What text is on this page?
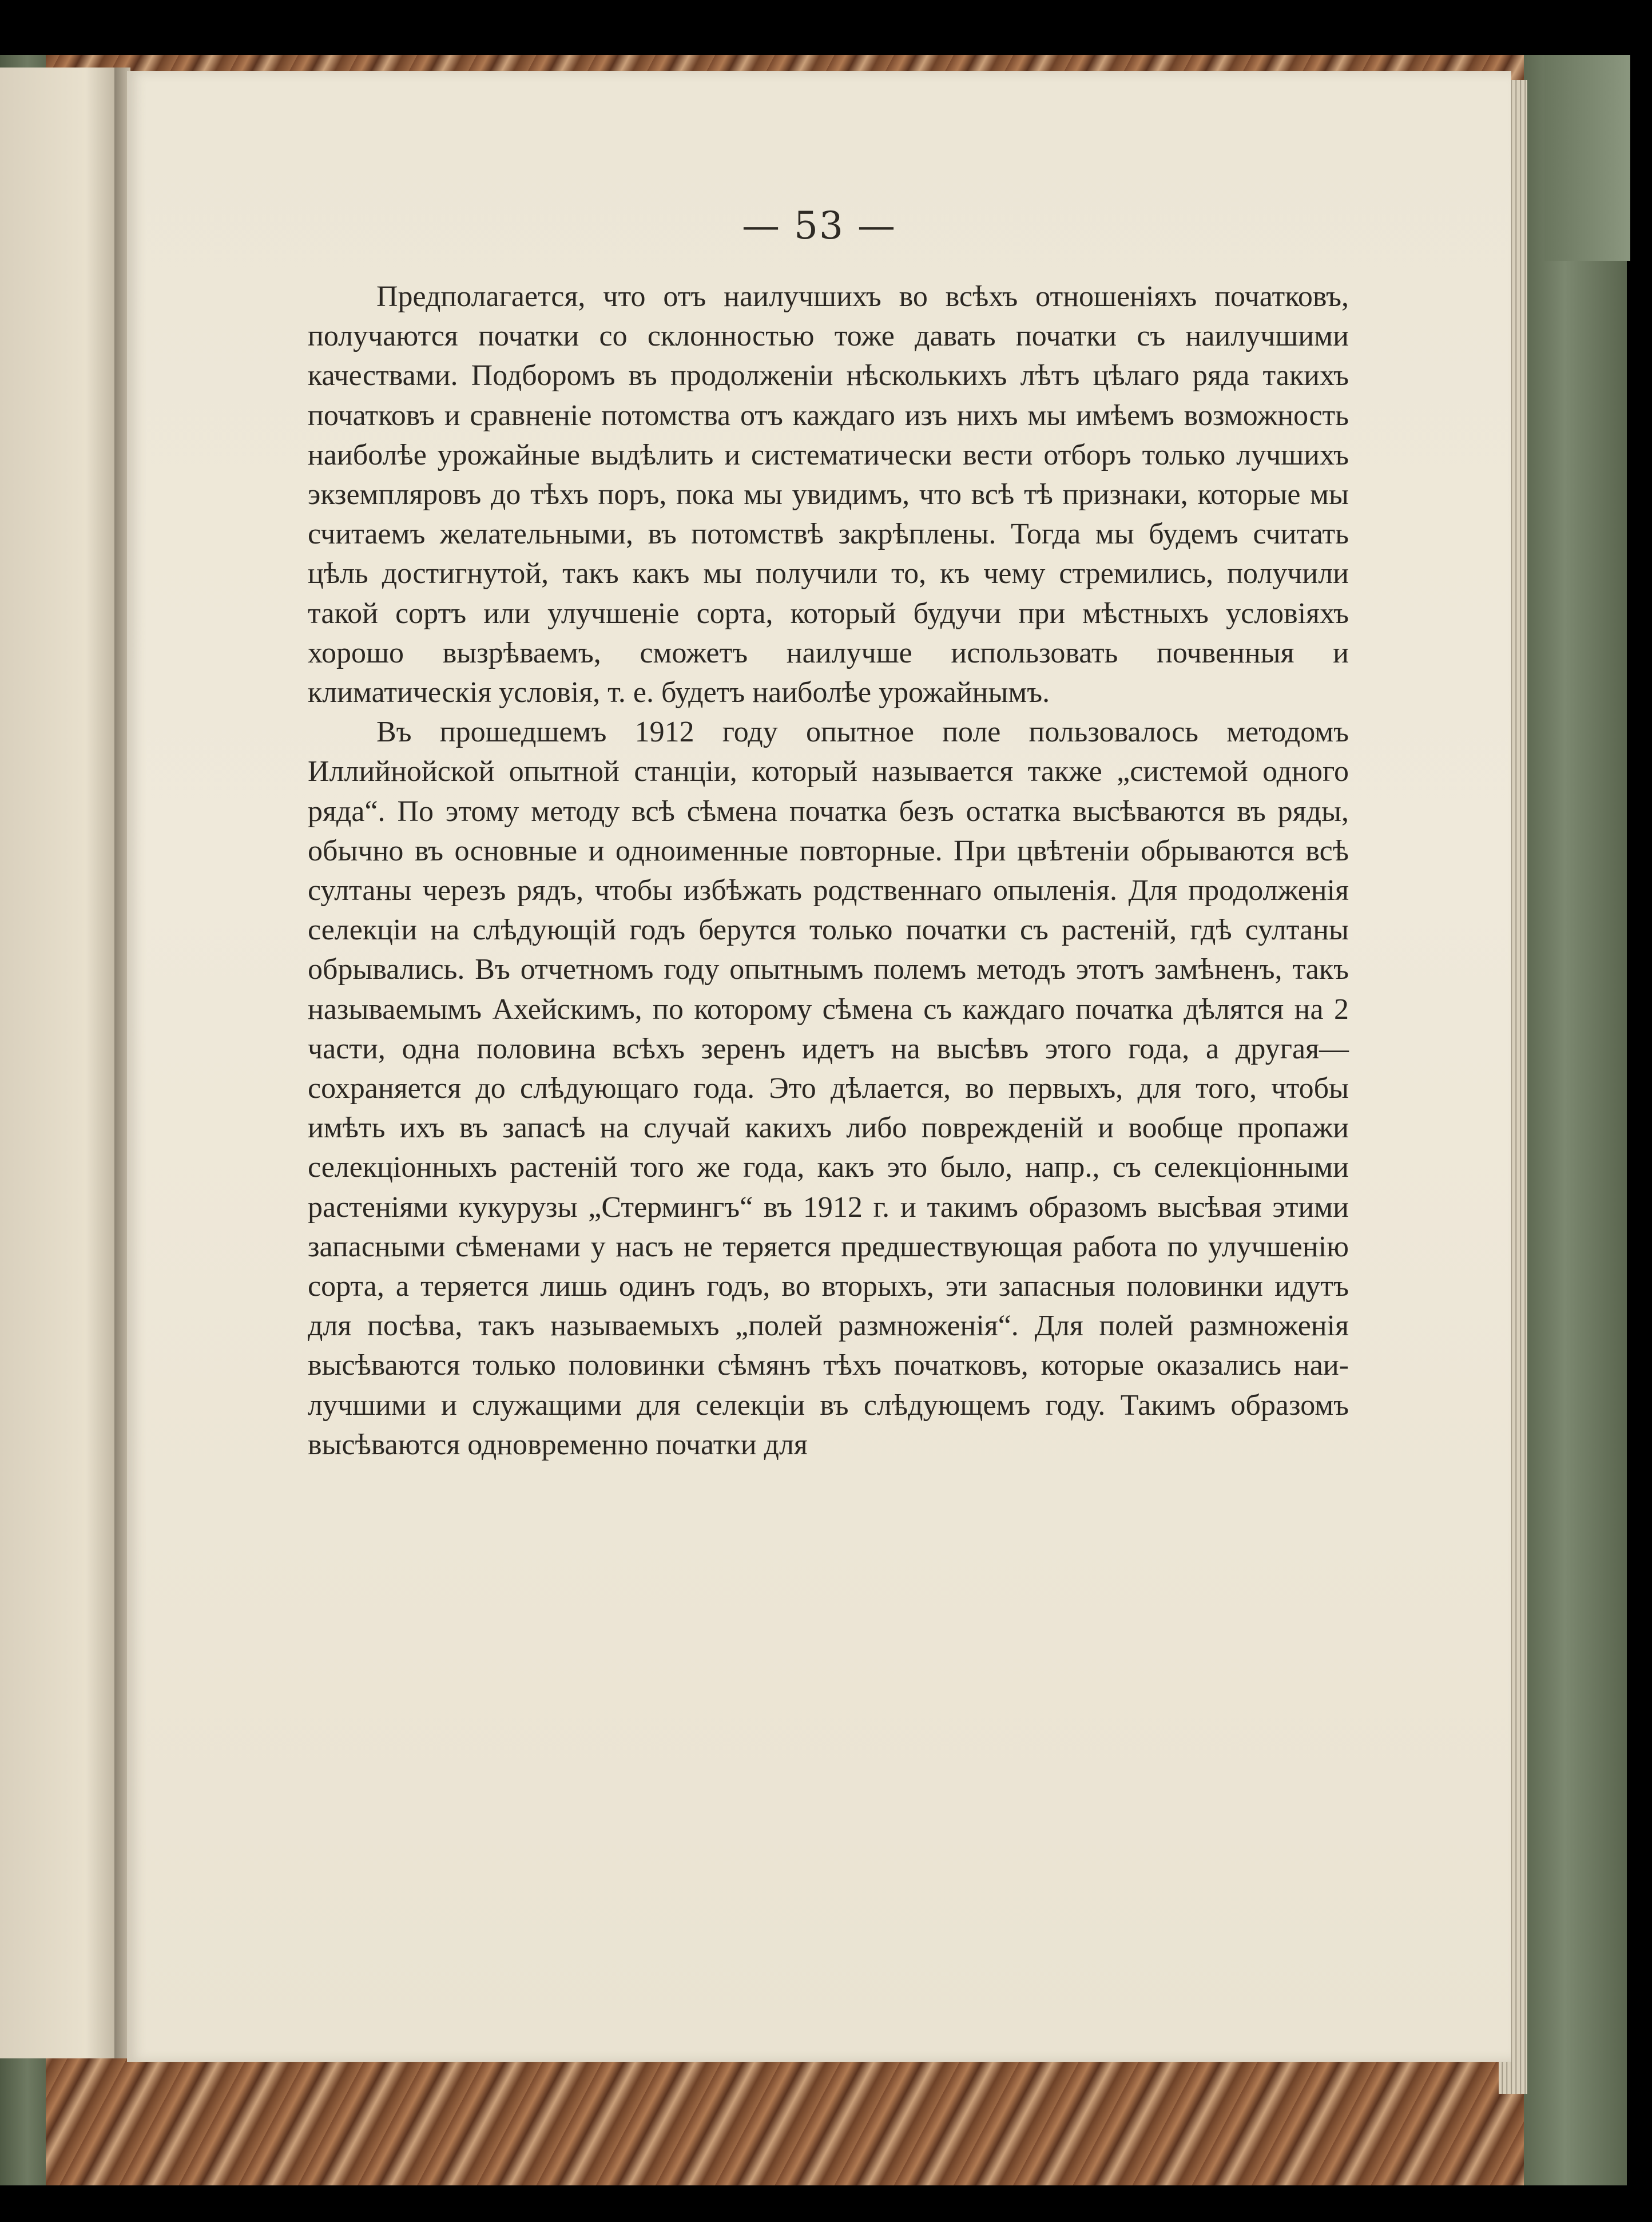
— 53 —

Предполагается, что отъ наилучшихъ во всѣхъ отношеніяхъ початковъ, получаются початки со склонностью тоже давать початки съ наилучшими качествами. Подборомъ въ продолженіи нѣсколькихъ лѣтъ цѣлаго ряда такихъ початковъ и сравненіе потомства отъ каждаго изъ нихъ мы имѣемъ возможность наиболѣе урожайные выдѣлить и систематически вести отборъ только лучшихъ экземпляровъ до тѣхъ поръ, пока мы увидимъ, что всѣ тѣ признаки, которые мы считаемъ желательными, въ потомствѣ закрѣплены. Тогда мы будемъ считать цѣль достигнутой, такъ какъ мы получили то, къ чему стремились, получили такой сортъ или улучшеніе сорта, который будучи при мѣстныхъ условіяхъ хорошо вызрѣваемъ, сможетъ наилучше использовать почвенныя и климатическія условія, т. е. будетъ наиболѣе урожайнымъ.

Въ прошедшемъ 1912 году опытное поле пользовалось методомъ Иллийнойской опытной станціи, который называется также „системой одного ряда“. По этому методу всѣ сѣмена початка безъ остатка высѣваются въ ряды, обычно въ основные и одноименные повторные. При цвѣтеніи обрываются всѣ султаны черезъ рядъ, чтобы избѣжать родственнаго опыленія. Для продолженія селекціи на слѣдующій годъ берутся только початки съ растеній, гдѣ султаны обрывались. Въ отчетномъ году опытнымъ полемъ методъ этотъ замѣненъ, такъ называемымъ Ахейскимъ, по которому сѣмена съ каждаго початка дѣлятся на 2 части, одна половина всѣхъ зеренъ идетъ на высѣвъ этого года, а другая— сохраняется до слѣдующаго года. Это дѣлается, во первыхъ, для того, чтобы имѣть ихъ въ запасѣ на случай какихъ либо поврежденій и вообще пропажи селекціонныхъ растеній того же года, какъ это было, напр., съ селекціонными растеніями кукурузы „Стермингъ“ въ 1912 г. и такимъ образомъ высѣвая этими запасными сѣменами у насъ не теряется предшествующая работа по улучшенію сорта, а теряется лишь одинъ годъ, во вторыхъ, эти запасныя половинки идутъ для посѣва, такъ называемыхъ „полей размноженія“. Для полей размноженія высѣваются только половинки сѣмянъ тѣхъ початковъ, которые оказались наилучшими и служащими для селекціи въ слѣдующемъ году. Такимъ образомъ высѣваются одновременно початки для
